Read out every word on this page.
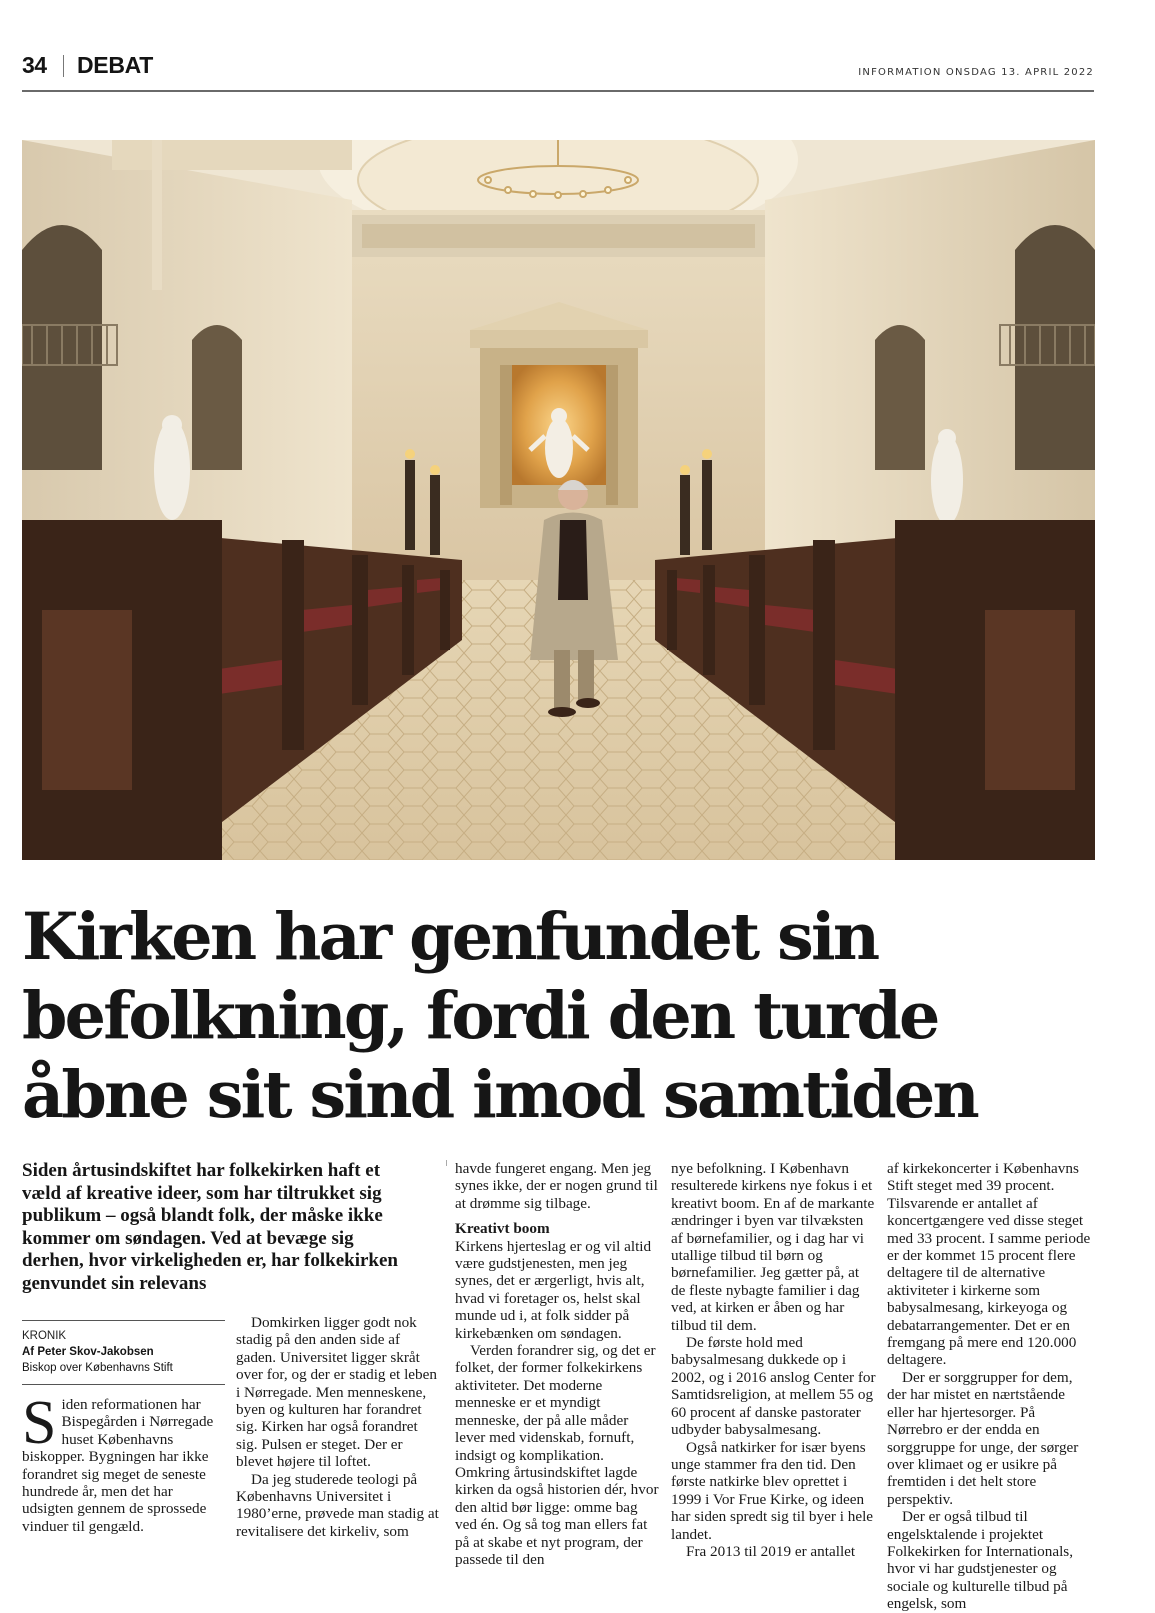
34 DEBAT	INFORMATION ONSDAG 13. APRIL 2022
Kirken har genfundet sin befolkning, fordi den turde åbne sit sind imod samtiden

Siden årtusindskiftet har folkekirken haft et væld af kreative ideer, som har tiltrukket sig publikum – også blandt folk, der måske ikke kommer om søndagen. Ved at bevæge sig derhen, hvor virkeligheden er, har folkekirken genvundet sin relevans

KRONIK
Af Peter Skov-Jakobsen
Biskop over Københavns Stift

Siden reformationen har Bispegården i Nørregade huset Københavns biskopper. Bygningen har ikke forandret sig meget de seneste hundrede år, men det har udsigten gennem de sprossede vinduer til gengæld.

Domkirken ligger godt nok stadig på den anden side af gaden. Universitet ligger skråt over for, og der er stadig et leben i Nørregade. Men menneskene, byen og kulturen har forandret sig. Kirken har også forandret sig. Pulsen er steget. Der er blevet højere til loftet.

Da jeg studerede teologi på Københavns Universitet i 1980’erne, prøvede man stadig at revitalisere det kirkeliv, som

havde fungeret engang. Men jeg synes ikke, der er nogen grund til at drømme sig tilbage.

Kreativt boom

Kirkens hjerteslag er og vil altid være gudstjenesten, men jeg synes, det er ærgerligt, hvis alt, hvad vi foretager os, helst skal munde ud i, at folk sidder på kirkebænken om søndagen.

Verden forandrer sig, og det er folket, der former folkekirkens aktiviteter. Det moderne menneske er et myndigt menneske, der på alle måder lever med videnskab, fornuft, indsigt og komplikation. Omkring årtusindskiftet lagde kirken da også historien dér, hvor den altid bør ligge: omme bag ved én. Og så tog man ellers fat på at skabe et nyt program, der passede til den

nye befolkning. I København resulterede kirkens nye fokus i et kreativt boom. En af de markante ændringer i byen var tilvæksten af børnefamilier, og i dag har vi utallige tilbud til børn og børnefamilier. Jeg gætter på, at de fleste nybagte familier i dag ved, at kirken er åben og har tilbud til dem.

De første hold med babysalmesang dukkede op i 2002, og i 2016 anslog Center for Samtidsreligion, at mellem 55 og 60 procent af danske pastorater udbyder babysalmesang.

Også natkirker for især byens unge stammer fra den tid. Den første natkirke blev oprettet i 1999 i Vor Frue Kirke, og ideen har siden spredt sig til byer i hele landet.

Fra 2013 til 2019 er antallet

af kirkekoncerter i Københavns Stift steget med 39 procent. Tilsvarende er antallet af koncertgængere ved disse steget med 33 procent. I samme periode er der kommet 15 procent flere deltagere til de alternative aktiviteter i kirkerne som babysalmesang, kirkeyoga og debatarrangementer. Det er en fremgang på mere end 120.000 deltagere.

Der er sorggrupper for dem, der har mistet en nærtstående eller har hjertesorger. På Nørrebro er der endda en sorggruppe for unge, der sørger over klimaet og er usikre på fremtiden i det helt store perspektiv.

Der er også tilbud til engelsktalende i projektet Folkekirken for Internationals, hvor vi har gudstjenester og sociale og kulturelle tilbud på engelsk, som
